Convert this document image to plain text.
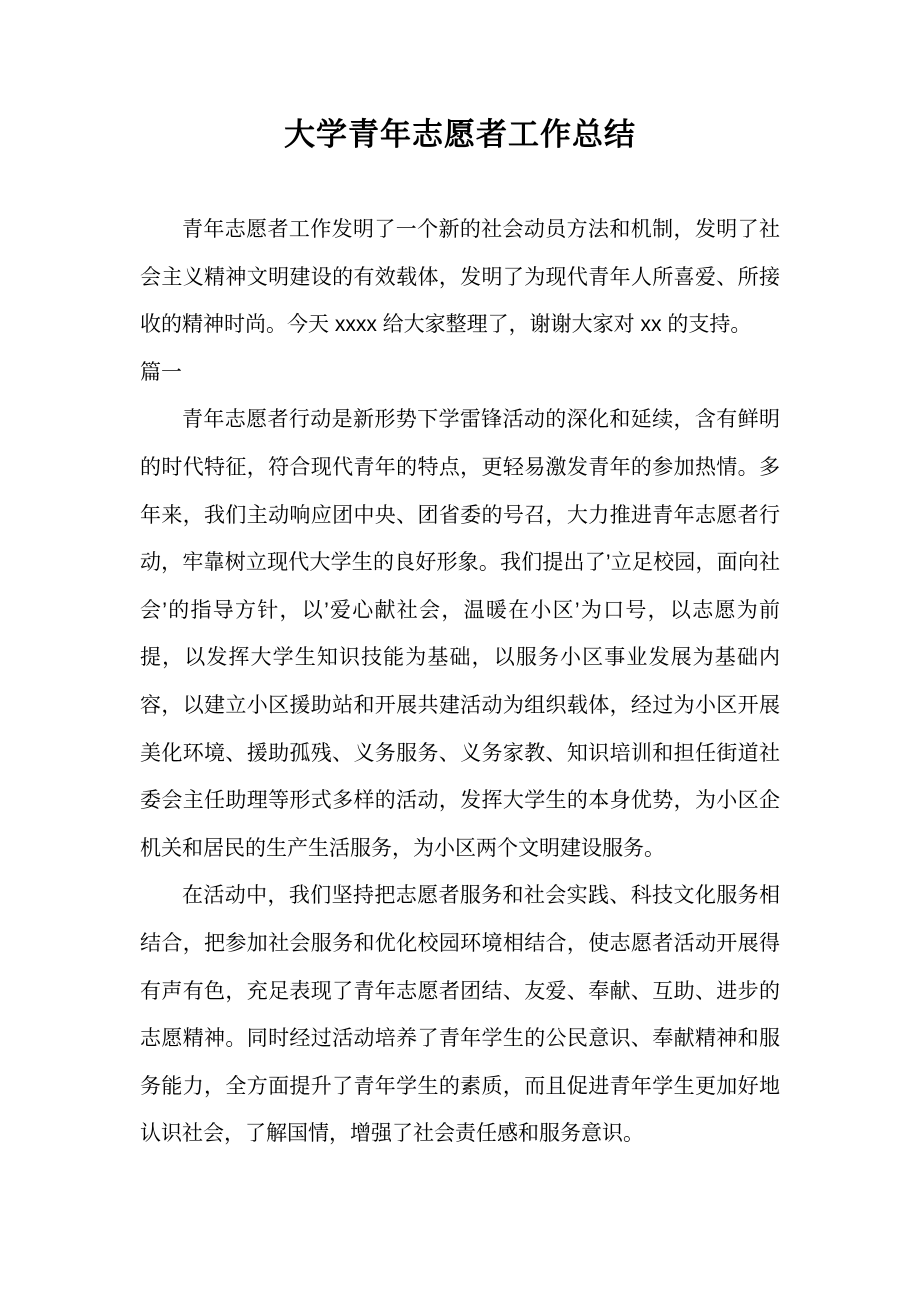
大学青年志愿者工作总结

青年志愿者工作发明了一个新的社会动员方法和机制，发明了社会主义精神文明建设的有效载体，发明了为现代青年人所喜爱、所接收的精神时尚。今天 xxxx 给大家整理了，谢谢大家对 xx 的支持。

篇一

青年志愿者行动是新形势下学雷锋活动的深化和延续，含有鲜明的时代特征，符合现代青年的特点，更轻易激发青年的参加热情。多年来，我们主动响应团中央、团省委的号召，大力推进青年志愿者行动，牢靠树立现代大学生的良好形象。我们提出了’立足校园，面向社会’的指导方针，以’爱心献社会，温暖在小区’为口号，以志愿为前提，以发挥大学生知识技能为基础，以服务小区事业发展为基础内容，以建立小区援助站和开展共建活动为组织载体，经过为小区开展美化环境、援助孤残、义务服务、义务家教、知识培训和担任街道社委会主任助理等形式多样的活动，发挥大学生的本身优势，为小区企机关和居民的生产生活服务，为小区两个文明建设服务。

在活动中，我们坚持把志愿者服务和社会实践、科技文化服务相结合，把参加社会服务和优化校园环境相结合，使志愿者活动开展得有声有色，充足表现了青年志愿者团结、友爱、奉献、互助、进步的志愿精神。同时经过活动培养了青年学生的公民意识、奉献精神和服务能力，全方面提升了青年学生的素质，而且促进青年学生更加好地认识社会，了解国情，增强了社会责任感和服务意识。
